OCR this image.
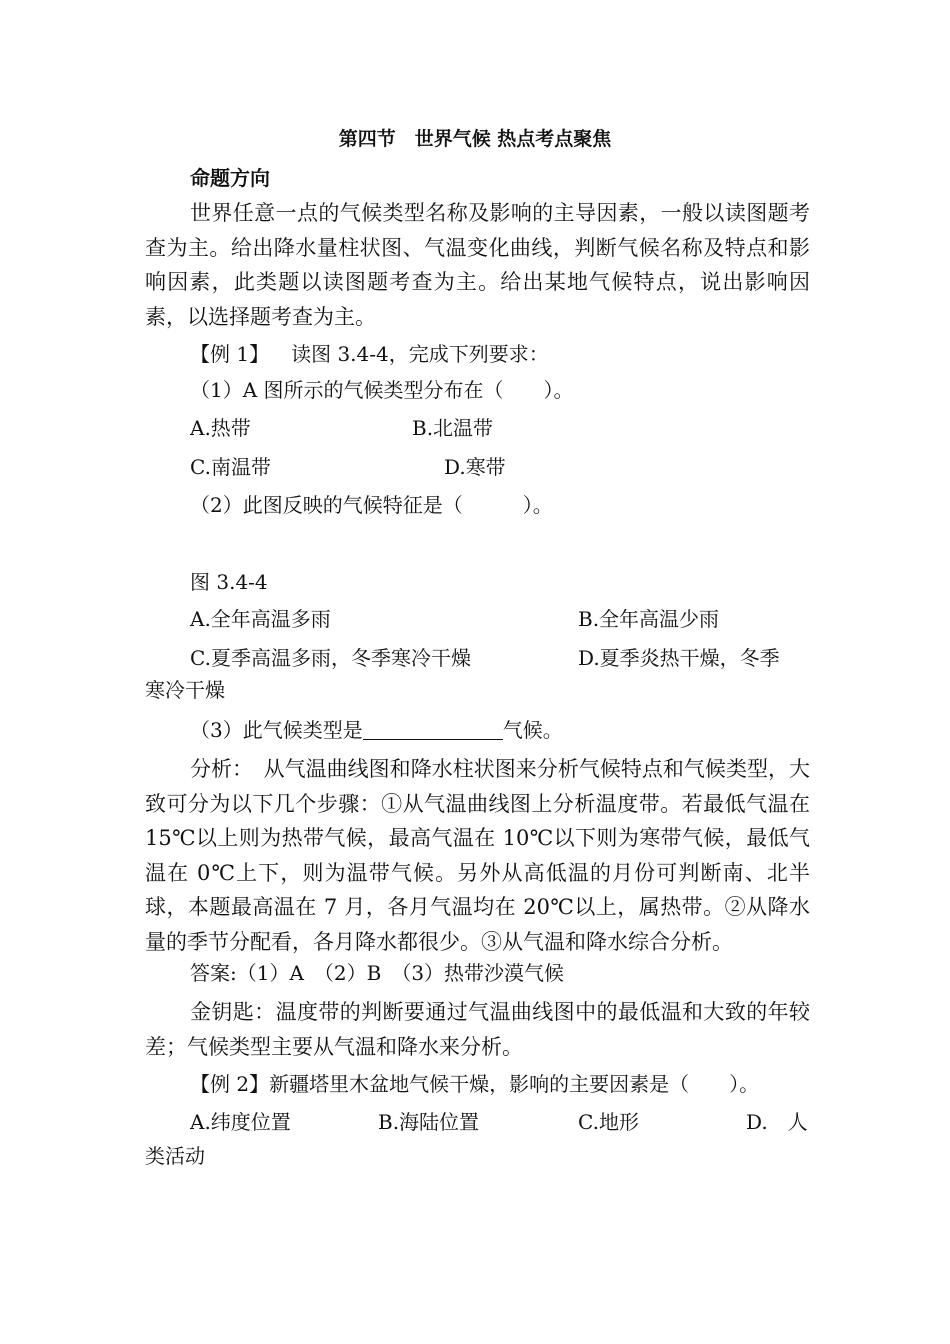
第四节　世界气候 热点考点聚焦
命题方向

世界任意一点的气候类型名称及影响的主导因素，一般以读图题考查为主。给出降水量柱状图、气温变化曲线，判断气候名称及特点和影响因素，此类题以读图题考查为主。给出某地气候特点，说出影响因素，以选择题考查为主。

【例 1】 读图 3.4-4，完成下列要求：
（1）A 图所示的气候类型分布在（　　）。
A.热带	B.北温带
C.南温带	D.寒带
（2）此图反映的气候特征是（　　　）。
图 3.4-4
A.全年高温多雨	B.全年高温少雨
C.夏季高温多雨，冬季寒冷干燥	D.夏季炎热干燥，冬季
寒冷干燥
（3）此气候类型是	气候。

分析：　从气温曲线图和降水柱状图来分析气候特点和气候类型，大致可分为以下几个步骤：①从气温曲线图上分析温度带。若最低气温在 15℃以上则为热带气候，最高气温在 10℃以下则为寒带气候，最低气温在 0℃上下，则为温带气候。另外从高低温的月份可判断南、北半球，本题最高温在 7 月，各月气温均在 20℃以上，属热带。②从降水量的季节分配看，各月降水都很少。③从气温和降水综合分析。

答案:（1）A　（2）B　（3）热带沙漠气候

金钥匙：温度带的判断要通过气温曲线图中的最低温和大致的年较差；气候类型主要从气温和降水来分析。

【例 2】新疆塔里木盆地气候干燥，影响的主要因素是（　　）。
A.纬度位置	B.海陆位置	C.地形	D.　人
类活动
